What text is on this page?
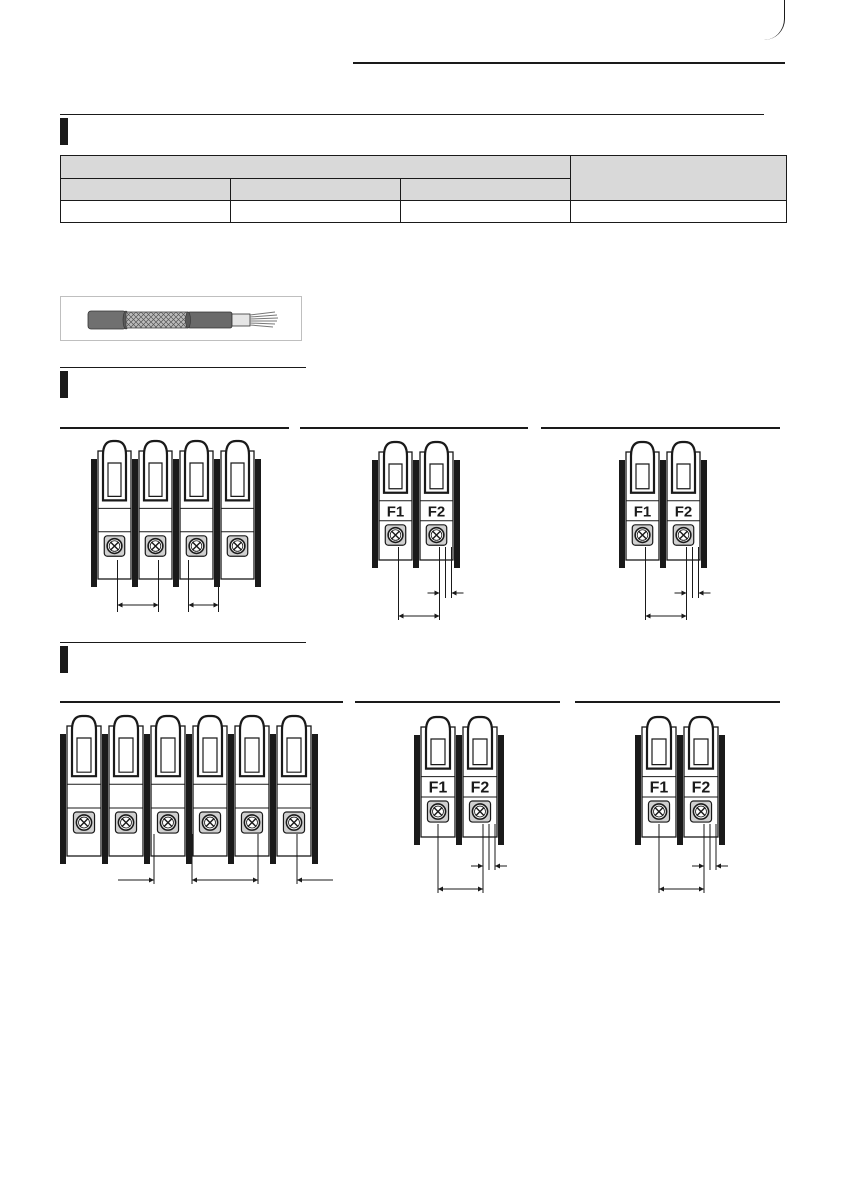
F1 F2	F1 F2
F1 F2	F1 F2
